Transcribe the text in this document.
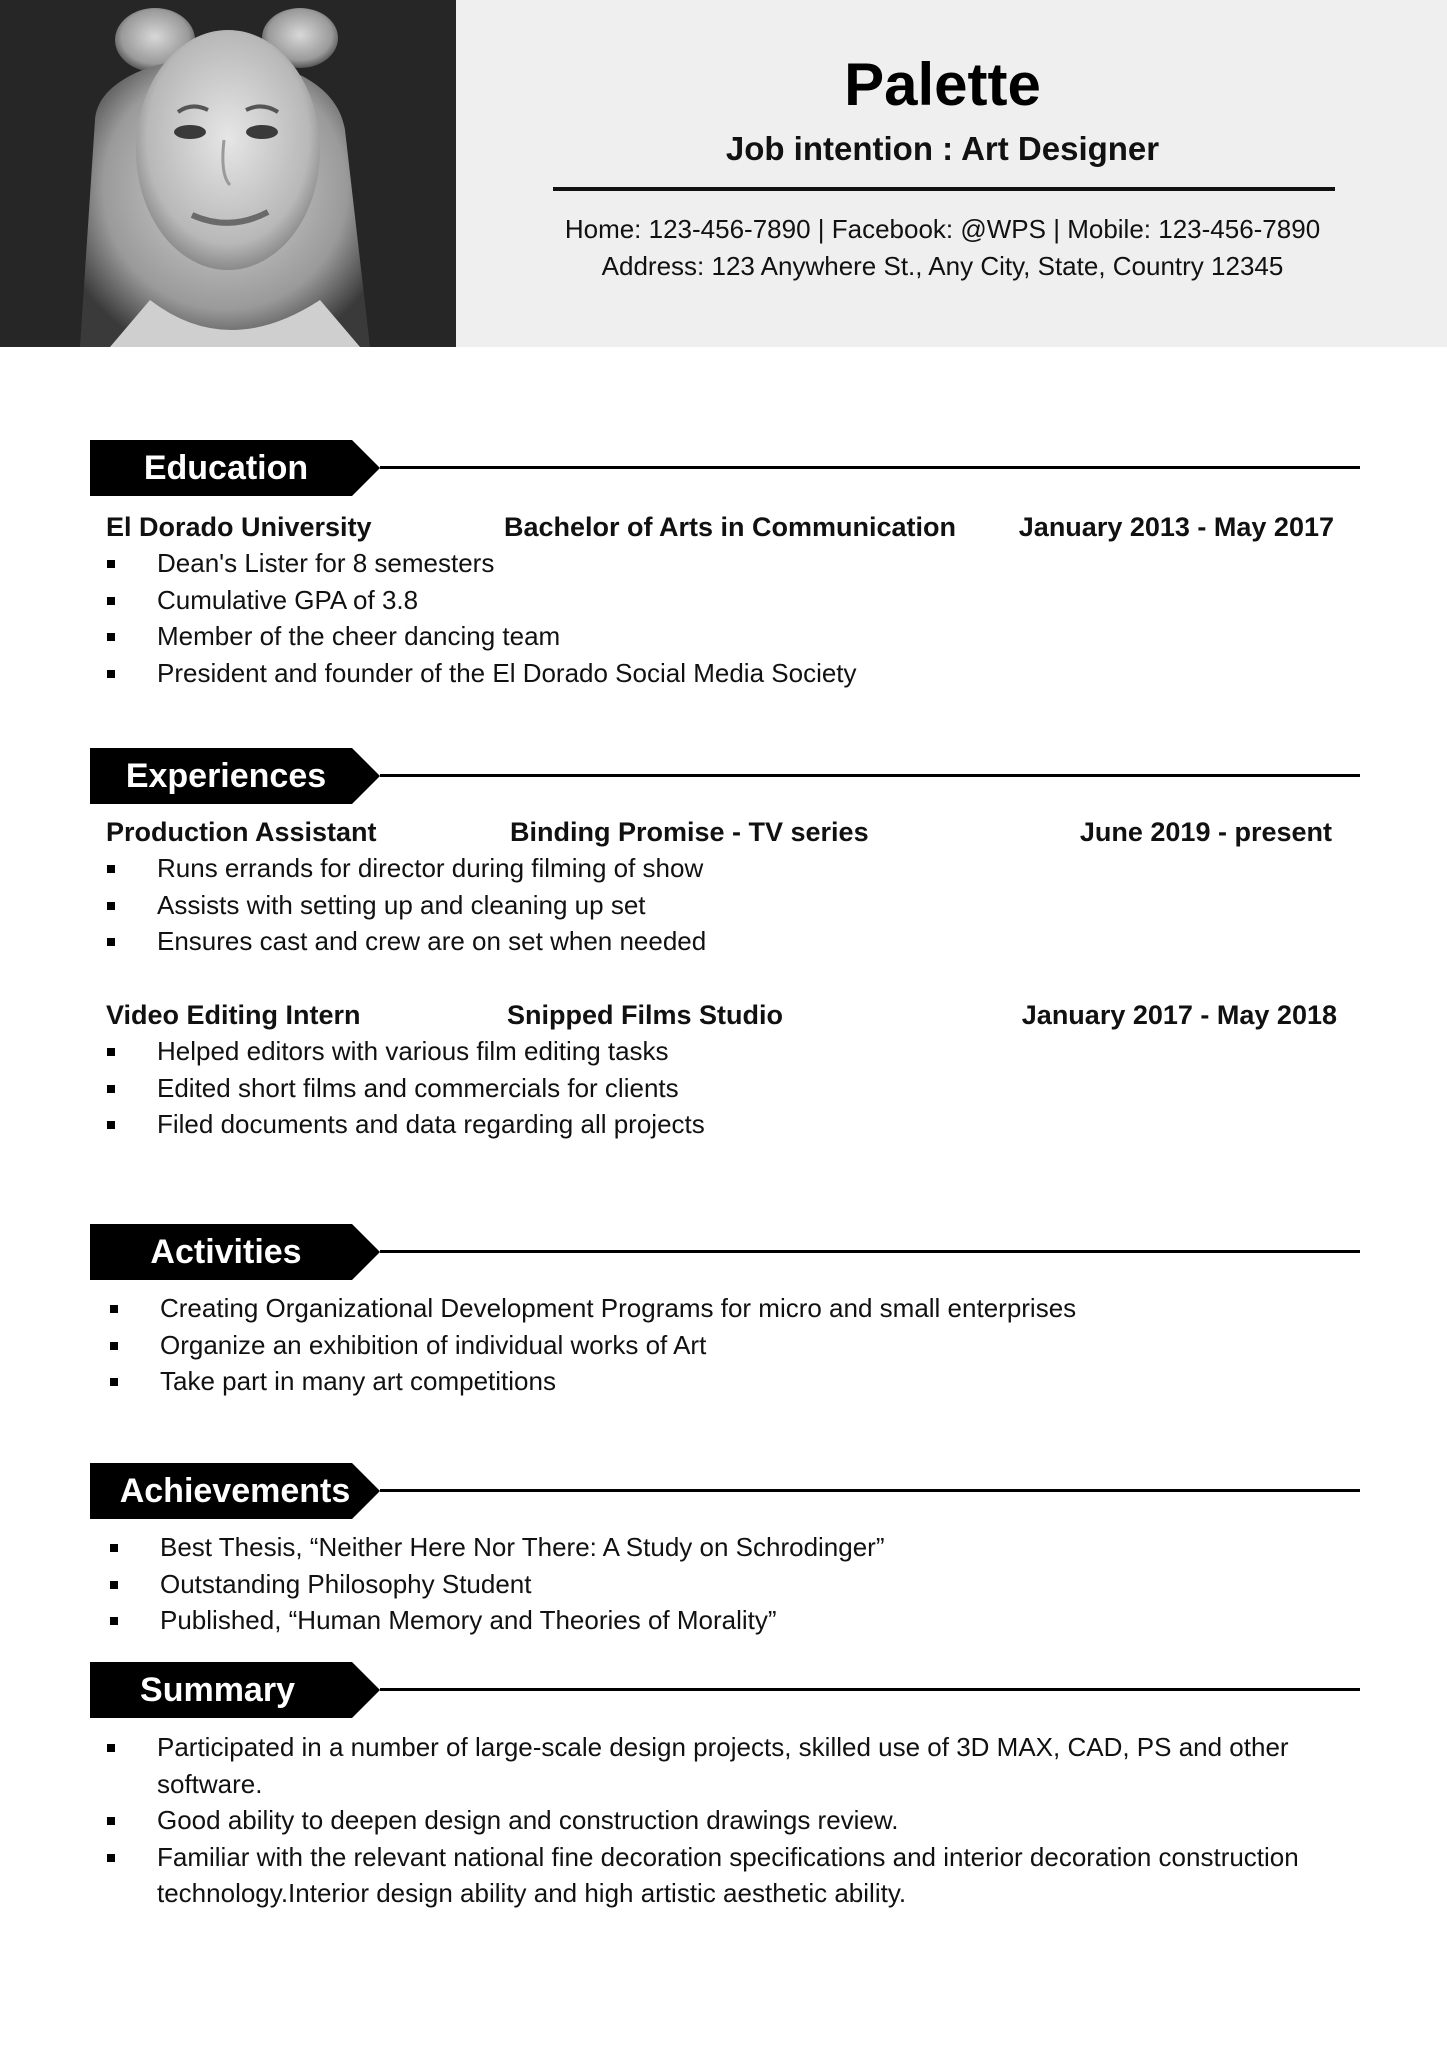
Palette
Job intention : Art Designer
Home: 123-456-7890 | Facebook: @WPS | Mobile: 123-456-7890
Address: 123 Anywhere St., Any City, State, Country 12345
Education
El Dorado University	Bachelor of Arts in Communication January 2013 - May 2017
Dean's Lister for 8 semesters
Cumulative GPA of 3.8
Member of the cheer dancing team
President and founder of the El Dorado Social Media Society
Experiences
Production Assistant	Binding Promise - TV series	June 2019 - present
Runs errands for director during filming of show
Assists with setting up and cleaning up set
Ensures cast and crew are on set when needed
Video Editing Intern	Snipped Films Studio	January 2017 - May 2018
Helped editors with various film editing tasks
Edited short films and commercials for clients
Filed documents and data regarding all projects
Activities
Creating Organizational Development Programs for micro and small enterprises
Organize an exhibition of individual works of Art
Take part in many art competitions
Achievements
Best Thesis, “Neither Here Nor There: A Study on Schrodinger”
Outstanding Philosophy Student
Published, “Human Memory and Theories of Morality”
Summary
Participated in a number of large-scale design projects, skilled use of 3D MAX, CAD, PS and other software.
Good ability to deepen design and construction drawings review.
Familiar with the relevant national fine decoration specifications and interior decoration construction technology.Interior design ability and high artistic aesthetic ability.
